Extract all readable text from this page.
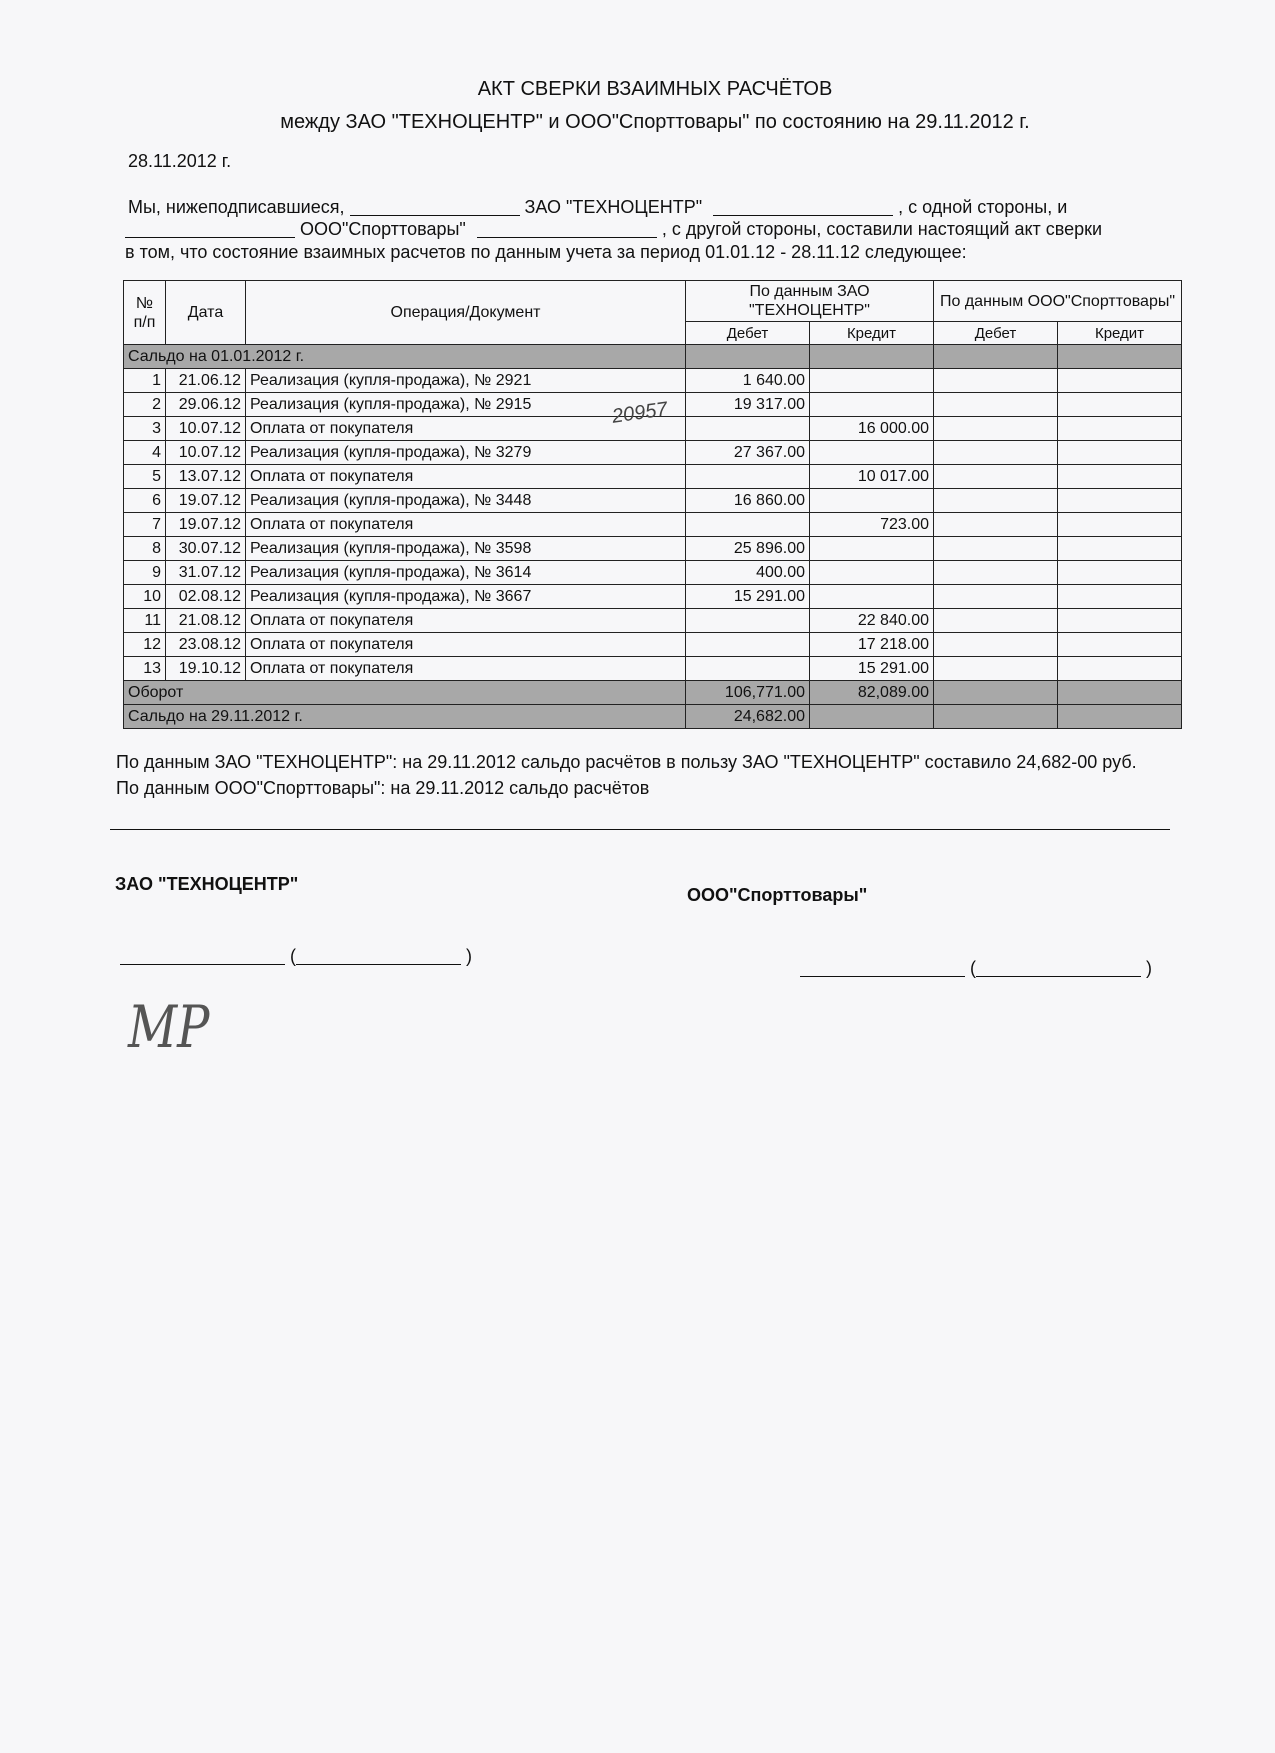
АКТ СВЕРКИ ВЗАИМНЫХ РАСЧЁТОВ
между ЗАО "ТЕХНОЦЕНТР" и ООО"Спорттовары" по состоянию на 29.11.2012 г.
28.11.2012 г.
Мы, нижеподписавшиеся,	ЗАО "ТЕХНОЦЕНТР"	, с одной стороны, и
ООО"Спорттовары"	, с другой стороны, составили настоящий акт сверки
в том, что состояние взаимных расчетов по данным учета за период 01.01.12 - 28.11.12 следующее:
№ п/п	Дата	Операция/Документ	По данным ЗАО "ТЕХНОЦЕНТР"		По данным ООО"Спорттовары"	
			Дебет	Кредит	Дебет	Кредит
Сальдо на 01.01.2012 г.						
1	21.06.12	Реализация (купля-продажа), № 2921	1 640.00			
2	29.06.12	Реализация (купля-продажа), № 2915	19 317.00			
3	10.07.12	Оплата от покупателя		16 000.00		
4	10.07.12	Реализация (купля-продажа), № 3279	27 367.00			
5	13.07.12	Оплата от покупателя		10 017.00		
6	19.07.12	Реализация (купля-продажа), № 3448	16 860.00			
7	19.07.12	Оплата от покупателя		723.00		
8	30.07.12	Реализация (купля-продажа), № 3598	25 896.00			
9	31.07.12	Реализация (купля-продажа), № 3614	400.00			
10	02.08.12	Реализация (купля-продажа), № 3667	15 291.00			
11	21.08.12	Оплата от покупателя		22 840.00		
12	23.08.12	Оплата от покупателя		17 218.00		
13	19.10.12	Оплата от покупателя		15 291.00		
Оборот			106,771.00	82,089.00		
Сальдо на 29.11.2012 г.			24,682.00			
По данным ЗАО "ТЕХНОЦЕНТР": на 29.11.2012 сальдо расчётов в пользу ЗАО "ТЕХНОЦЕНТР" составило 24,682-00 руб.
По данным ООО"Спорттовары": на 29.11.2012 сальдо расчётов
ЗАО "ТЕХНОЦЕНТР"
ООО"Спорттовары"
(	)
(	)
МР
20957
